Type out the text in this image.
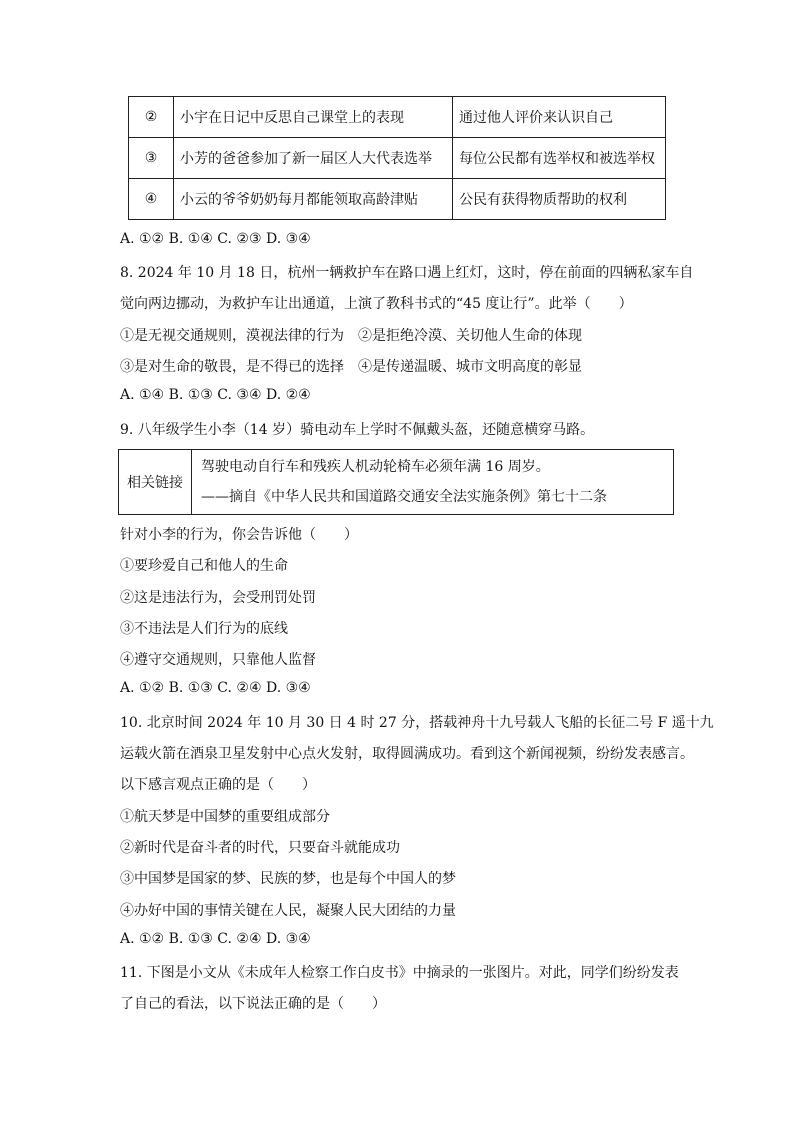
②	小宇在日记中反思自己课堂上的表现	通过他人评价来认识自己
③	小芳的爸爸参加了新一届区人大代表选举	每位公民都有选举权和被选举权
④	小云的爷爷奶奶每月都能领取高龄津贴	公民有获得物质帮助的权利
A. ①② B. ①④ C. ②③ D. ③④
8. 2024 年 10 月 18 日，杭州一辆救护车在路口遇上红灯，这时，停在前面的四辆私家车自
觉向两边挪动，为救护车让出通道，上演了教科书式的“45 度让行”。此举（　　）
①是无视交通规则，漠视法律的行为　②是拒绝冷漠、关切他人生命的体现
③是对生命的敬畏，是不得已的选择　④是传递温暖、城市文明高度的彰显
A. ①④ B. ①③ C. ③④ D. ②④
9. 八年级学生小李（14 岁）骑电动车上学时不佩戴头盔，还随意横穿马路。
相关链接
驾驶电动自行车和残疾人机动轮椅车必须年满 16 周岁。
——摘自《中华人民共和国道路交通安全法实施条例》第七十二条
针对小李的行为，你会告诉他（　　）
①要珍爱自己和他人的生命
②这是违法行为，会受刑罚处罚
③不违法是人们行为的底线
④遵守交通规则，只靠他人监督
A. ①② B. ①③ C. ②④ D. ③④
10. 北京时间 2024 年 10 月 30 日 4 时 27 分，搭载神舟十九号载人飞船的长征二号 F 遥十九
运载火箭在酒泉卫星发射中心点火发射，取得圆满成功。看到这个新闻视频，纷纷发表感言。
以下感言观点正确的是（　　）
①航天梦是中国梦的重要组成部分
②新时代是奋斗者的时代，只要奋斗就能成功
③中国梦是国家的梦、民族的梦，也是每个中国人的梦
④办好中国的事情关键在人民，凝聚人民大团结的力量
A. ①② B. ①③ C. ②④ D. ③④
11. 下图是小文从《未成年人检察工作白皮书》中摘录的一张图片。对此，同学们纷纷发表
了自己的看法，以下说法正确的是（　　）
